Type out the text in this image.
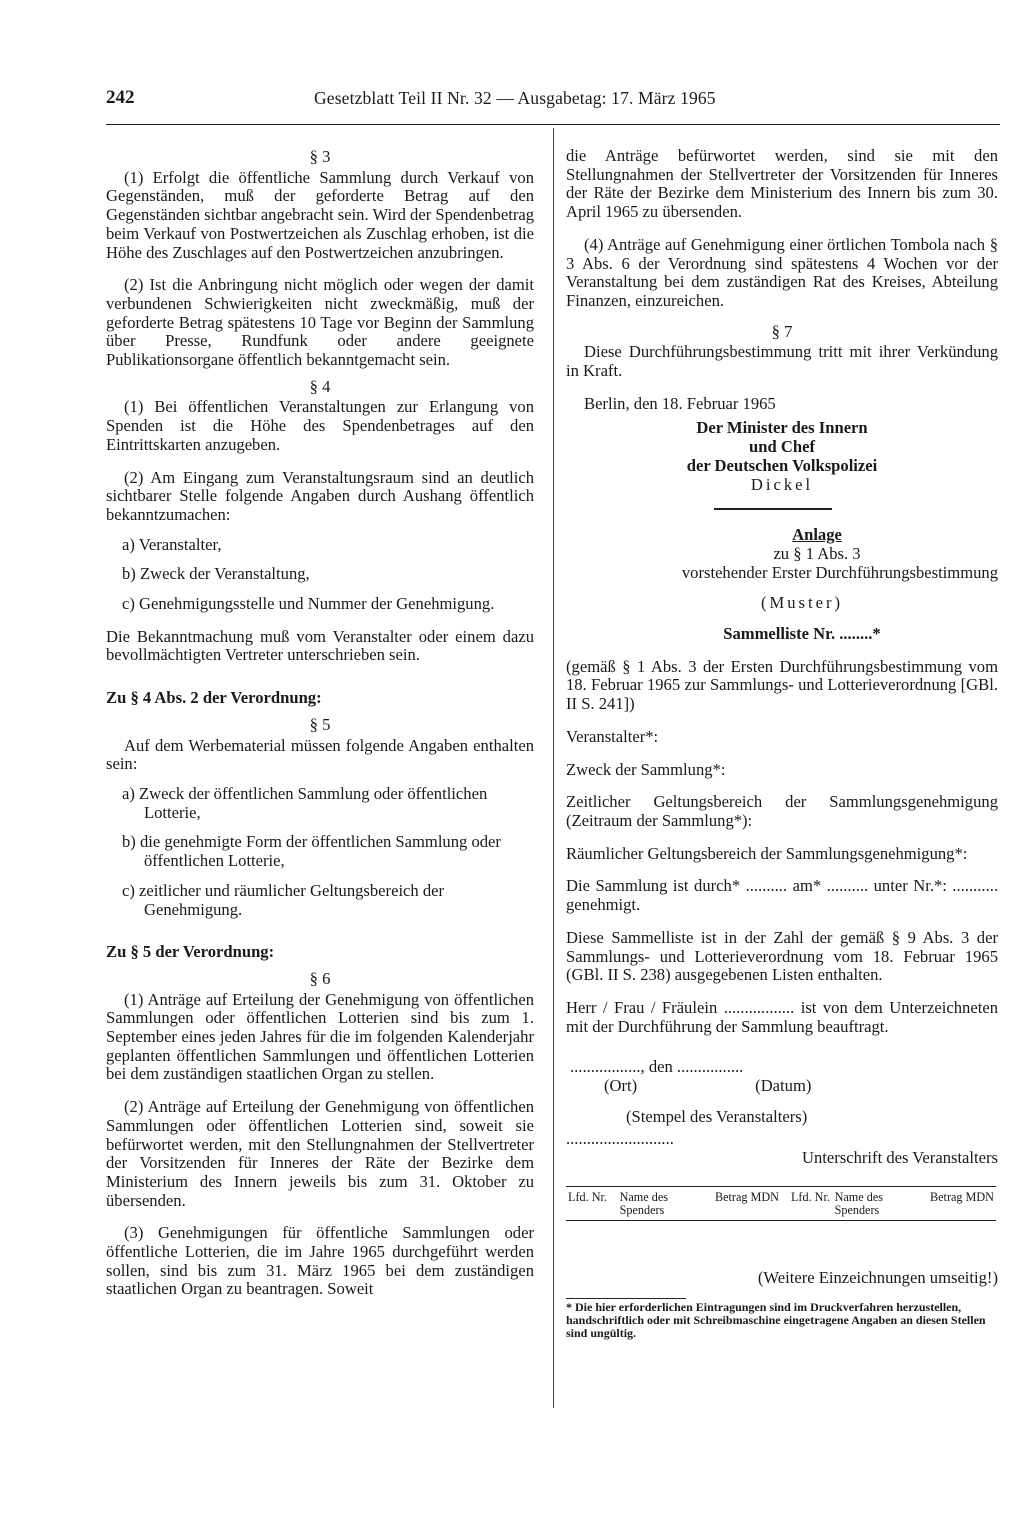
242	Gesetzblatt Teil II Nr. 32 — Ausgabetag: 17. März 1965

§ 3

(1) Erfolgt die öffentliche Sammlung durch Verkauf von Gegenständen, muß der geforderte Betrag auf den Gegenständen sichtbar angebracht sein. Wird der Spendenbetrag beim Verkauf von Postwertzeichen als Zuschlag erhoben, ist die Höhe des Zuschlages auf den Postwertzeichen anzubringen.

(2) Ist die Anbringung nicht möglich oder wegen der damit verbundenen Schwierigkeiten nicht zweckmäßig, muß der geforderte Betrag spätestens 10 Tage vor Beginn der Sammlung über Presse, Rundfunk oder andere geeignete Publikationsorgane öffentlich bekanntgemacht sein.

§ 4

(1) Bei öffentlichen Veranstaltungen zur Erlangung von Spenden ist die Höhe des Spendenbetrages auf den Eintrittskarten anzugeben.

(2) Am Eingang zum Veranstaltungsraum sind an deutlich sichtbarer Stelle folgende Angaben durch Aushang öffentlich bekanntzumachen:

a) Veranstalter,

b) Zweck der Veranstaltung,

c) Genehmigungsstelle und Nummer der Genehmigung.

Die Bekanntmachung muß vom Veranstalter oder einem dazu bevollmächtigten Vertreter unterschrieben sein.

Zu § 4 Abs. 2 der Verordnung:

§ 5

Auf dem Werbematerial müssen folgende Angaben enthalten sein:

a) Zweck der öffentlichen Sammlung oder öffentlichen Lotterie,

b) die genehmigte Form der öffentlichen Sammlung oder öffentlichen Lotterie,

c) zeitlicher und räumlicher Geltungsbereich der Genehmigung.

Zu § 5 der Verordnung:

§ 6

(1) Anträge auf Erteilung der Genehmigung von öffentlichen Sammlungen oder öffentlichen Lotterien sind bis zum 1. September eines jeden Jahres für die im folgenden Kalenderjahr geplanten öffentlichen Sammlungen und öffentlichen Lotterien bei dem zuständigen staatlichen Organ zu stellen.

(2) Anträge auf Erteilung der Genehmigung von öffentlichen Sammlungen oder öffentlichen Lotterien sind, soweit sie befürwortet werden, mit den Stellungnahmen der Stellvertreter der Vorsitzenden für Inneres der Räte der Bezirke dem Ministerium des Innern jeweils bis zum 31. Oktober zu übersenden.

(3) Genehmigungen für öffentliche Sammlungen oder öffentliche Lotterien, die im Jahre 1965 durchgeführt werden sollen, sind bis zum 31. März 1965 bei dem zuständigen staatlichen Organ zu beantragen. Soweit

die Anträge befürwortet werden, sind sie mit den Stellungnahmen der Stellvertreter der Vorsitzenden für Inneres der Räte der Bezirke dem Ministerium des Innern bis zum 30. April 1965 zu übersenden.

(4) Anträge auf Genehmigung einer örtlichen Tombola nach § 3 Abs. 6 der Verordnung sind spätestens 4 Wochen vor der Veranstaltung bei dem zuständigen Rat des Kreises, Abteilung Finanzen, einzureichen.

§ 7

Diese Durchführungsbestimmung tritt mit ihrer Verkündung in Kraft.

Berlin, den 18. Februar 1965

Der Minister des Innern

und Chef

der Deutschen Volkspolizei

Dickel

Anlage

zu § 1 Abs. 3

vorstehender Erster Durchführungsbestimmung

(Muster)

Sammelliste Nr. ........*

(gemäß § 1 Abs. 3 der Ersten Durchführungsbestimmung vom 18. Februar 1965 zur Sammlungs- und Lotterieverordnung [GBl. II S. 241])

Veranstalter*:

Zweck der Sammlung*:

Zeitlicher Geltungsbereich der Sammlungsgenehmigung (Zeitraum der Sammlung*):

Räumlicher Geltungsbereich der Sammlungsgenehmigung*:

Die Sammlung ist durch* .......... am* .......... unter Nr.*: ........... genehmigt.

Diese Sammelliste ist in der Zahl der gemäß § 9 Abs. 3 der Sammlungs- und Lotterieverordnung vom 18. Februar 1965 (GBl. II S. 238) ausgegebenen Listen enthalten.

Herr / Frau / Fräulein ................. ist von dem Unterzeichneten mit der Durchführung der Sammlung beauftragt.

................., den ................

(Ort)	(Datum)

(Stempel des Veranstalters)

..........................

Unterschrift des Veranstalters

Lfd. Nr.	Name des Spenders	Betrag MDN	Lfd. Nr.	Name des Spenders	Betrag MDN

(Weitere Einzeichnungen umseitig!)

* Die hier erforderlichen Eintragungen sind im Druckverfahren herzustellen, handschriftlich oder mit Schreibmaschine eingetragene Angaben an diesen Stellen sind ungültig.
